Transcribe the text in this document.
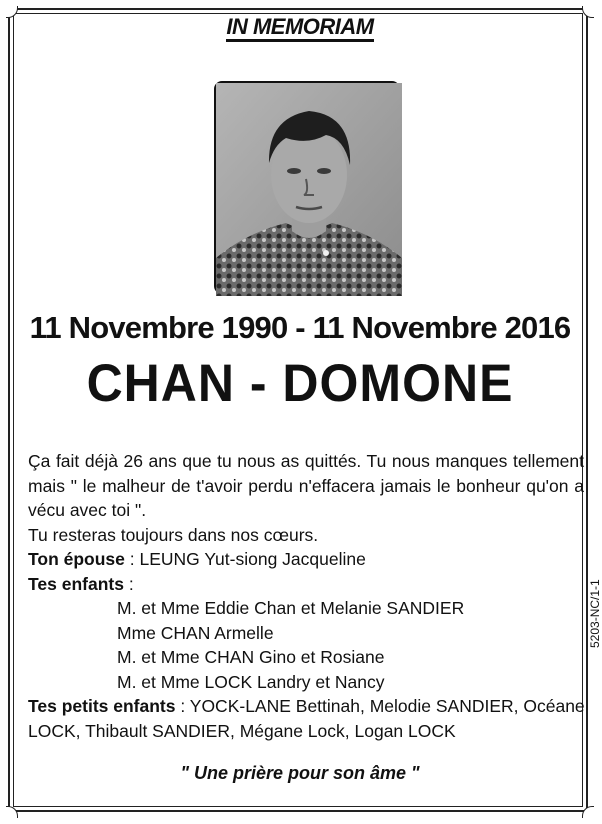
IN MEMORIAM
11 Novembre 1990 - 11 Novembre 2016
CHAN - DOMONE

Ça fait déjà 26 ans que tu nous as quittés. Tu nous manques tellement mais " le malheur de t'avoir perdu n'effacera jamais le bonheur qu'on a vécu avec toi ".

Tu resteras toujours dans nos cœurs.

Ton épouse : LEUNG Yut-siong Jacqueline

Tes enfants :

M. et Mme Eddie Chan et Melanie SANDIER

Mme CHAN Armelle

M. et Mme CHAN Gino et Rosiane

M. et Mme LOCK Landry et Nancy

Tes petits enfants : YOCK-LANE Bettinah, Melodie SANDIER, Océane LOCK, Thibault SANDIER, Mégane Lock, Logan LOCK

" Une prière pour son âme "
5203-NC/1-1
